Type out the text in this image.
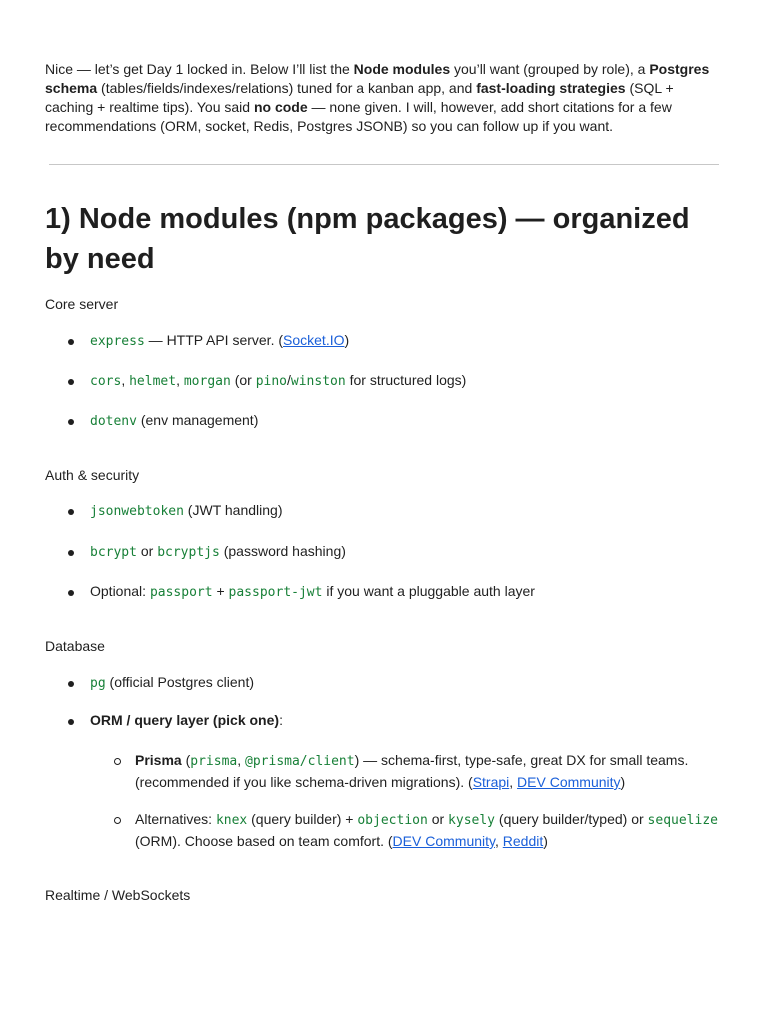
Nice — let’s get Day 1 locked in. Below I’ll list the Node modules you’ll want (grouped by role), a Postgres schema (tables/fields/indexes/relations) tuned for a kanban app, and fast-loading strategies (SQL + caching + realtime tips). You said no code — none given. I will, however, add short citations for a few recommendations (ORM, socket, Redis, Postgres JSONB) so you can follow up if you want.

1) Node modules (npm packages) — organized by need

Core server

express — HTTP API server. (Socket.IO)
cors, helmet, morgan (or pino/winston for structured logs)
dotenv (env management)

Auth & security

jsonwebtoken (JWT handling)
bcrypt or bcryptjs (password hashing)
Optional: passport + passport-jwt if you want a pluggable auth layer

Database

pg (official Postgres client)
ORM / query layer (pick one):
Prisma (prisma, @prisma/client) — schema-first, type-safe, great DX for small teams. (recommended if you like schema-driven migrations). (Strapi, DEV Community)
Alternatives: knex (query builder) + objection or kysely (query builder/typed) or sequelize (ORM). Choose based on team comfort. (DEV Community, Reddit)

Realtime / WebSockets
